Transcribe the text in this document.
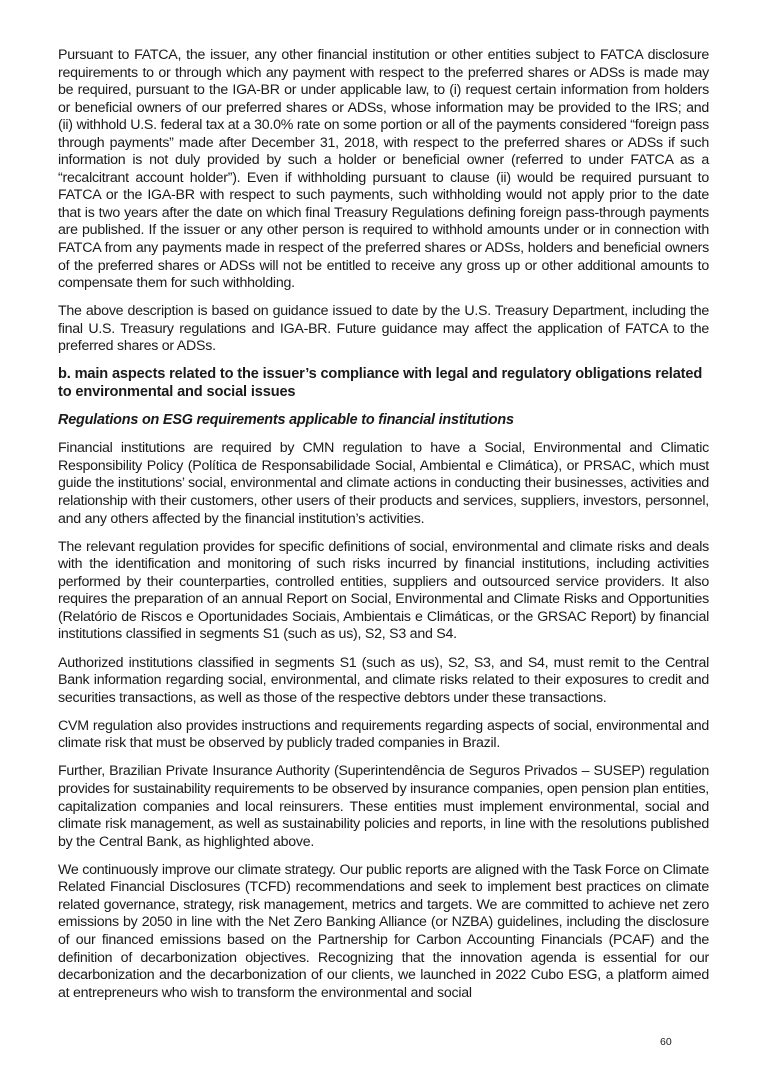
Pursuant to FATCA, the issuer, any other financial institution or other entities subject to FATCA disclosure requirements to or through which any payment with respect to the preferred shares or ADSs is made may be required, pursuant to the IGA-BR or under applicable law, to (i) request certain information from holders or beneficial owners of our preferred shares or ADSs, whose information may be provided to the IRS; and (ii) withhold U.S. federal tax at a 30.0% rate on some portion or all of the payments considered “foreign pass through payments” made after December 31, 2018, with respect to the preferred shares or ADSs if such information is not duly provided by such a holder or beneficial owner (referred to under FATCA as a “recalcitrant account holder”). Even if withholding pursuant to clause (ii) would be required pursuant to FATCA or the IGA-BR with respect to such payments, such withholding would not apply prior to the date that is two years after the date on which final Treasury Regulations defining foreign pass-through payments are published. If the issuer or any other person is required to withhold amounts under or in connection with FATCA from any payments made in respect of the preferred shares or ADSs, holders and beneficial owners of the preferred shares or ADSs will not be entitled to receive any gross up or other additional amounts to compensate them for such withholding.

The above description is based on guidance issued to date by the U.S. Treasury Department, including the final U.S. Treasury regulations and IGA-BR. Future guidance may affect the application of FATCA to the preferred shares or ADSs.

b. main aspects related to the issuer’s compliance with legal and regulatory obligations related to environmental and social issues

Regulations on ESG requirements applicable to financial institutions

Financial institutions are required by CMN regulation to have a Social, Environmental and Climatic Responsibility Policy (Política de Responsabilidade Social, Ambiental e Climática), or PRSAC, which must guide the institutions’ social, environmental and climate actions in conducting their businesses, activities and relationship with their customers, other users of their products and services, suppliers, investors, personnel, and any others affected by the financial institution’s activities.

The relevant regulation provides for specific definitions of social, environmental and climate risks and deals with the identification and monitoring of such risks incurred by financial institutions, including activities performed by their counterparties, controlled entities, suppliers and outsourced service providers. It also requires the preparation of an annual Report on Social, Environmental and Climate Risks and Opportunities (Relatório de Riscos e Oportunidades Sociais, Ambientais e Climáticas, or the GRSAC Report) by financial institutions classified in segments S1 (such as us), S2, S3 and S4.

Authorized institutions classified in segments S1 (such as us), S2, S3, and S4, must remit to the Central Bank information regarding social, environmental, and climate risks related to their exposures to credit and securities transactions, as well as those of the respective debtors under these transactions.

CVM regulation also provides instructions and requirements regarding aspects of social, environmental and climate risk that must be observed by publicly traded companies in Brazil.

Further, Brazilian Private Insurance Authority (Superintendência de Seguros Privados – SUSEP) regulation provides for sustainability requirements to be observed by insurance companies, open pension plan entities, capitalization companies and local reinsurers. These entities must implement environmental, social and climate risk management, as well as sustainability policies and reports, in line with the resolutions published by the Central Bank, as highlighted above.

We continuously improve our climate strategy. Our public reports are aligned with the Task Force on Climate Related Financial Disclosures (TCFD) recommendations and seek to implement best practices on climate related governance, strategy, risk management, metrics and targets. We are committed to achieve net zero emissions by 2050 in line with the Net Zero Banking Alliance (or NZBA) guidelines, including the disclosure of our financed emissions based on the Partnership for Carbon Accounting Financials (PCAF) and the definition of decarbonization objectives. Recognizing that the innovation agenda is essential for our decarbonization and the decarbonization of our clients, we launched in 2022 Cubo ESG, a platform aimed at entrepreneurs who wish to transform the environmental and social

60
